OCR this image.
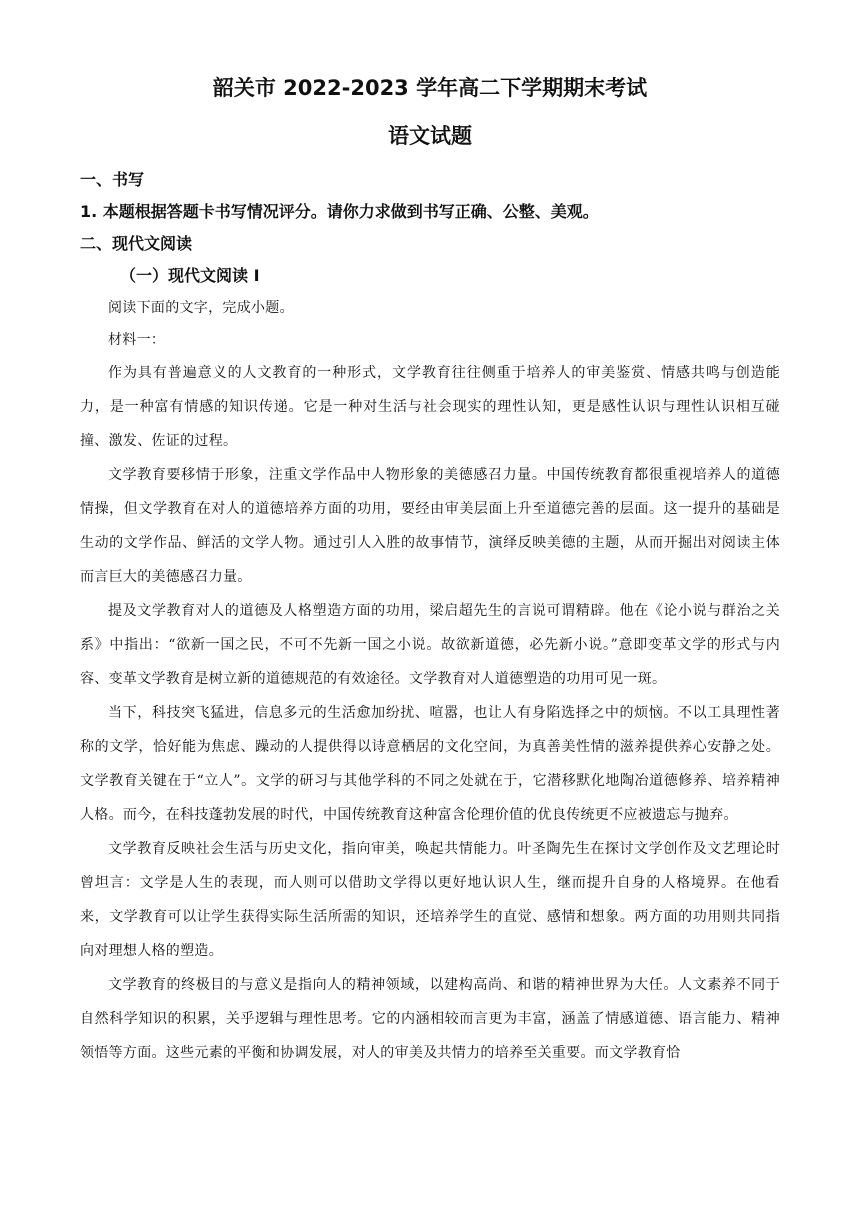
韶关市 2022-2023 学年高二下学期期末考试
语文试题
一、书写
1. 本题根据答题卡书写情况评分。请你力求做到书写正确、公整、美观。
二、现代文阅读
（一）现代文阅读 I

阅读下面的文字，完成小题。

材料一：

作为具有普遍意义的人文教育的一种形式，文学教育往往侧重于培养人的审美鉴赏、情感共鸣与创造能力，是一种富有情感的知识传递。它是一种对生活与社会现实的理性认知，更是感性认识与理性认识相互碰撞、激发、佐证的过程。

文学教育要移情于形象，注重文学作品中人物形象的美德感召力量。中国传统教育都很重视培养人的道德情操，但文学教育在对人的道德培养方面的功用，要经由审美层面上升至道德完善的层面。这一提升的基础是生动的文学作品、鲜活的文学人物。通过引人入胜的故事情节，演绎反映美德的主题，从而开掘出对阅读主体而言巨大的美德感召力量。

提及文学教育对人的道德及人格塑造方面的功用，梁启超先生的言说可谓精辟。他在《论小说与群治之关系》中指出：“欲新一国之民，不可不先新一国之小说。故欲新道德，必先新小说。”意即变革文学的形式与内容、变革文学教育是树立新的道德规范的有效途径。文学教育对人道德塑造的功用可见一斑。

当下，科技突飞猛进，信息多元的生活愈加纷扰、喧嚣，也让人有身陷选择之中的烦恼。不以工具理性著称的文学，恰好能为焦虑、躁动的人提供得以诗意栖居的文化空间，为真善美性情的滋养提供养心安静之处。文学教育关键在于“立人”。文学的研习与其他学科的不同之处就在于，它潜移默化地陶冶道德修养、培养精神人格。而今，在科技蓬勃发展的时代，中国传统教育这种富含伦理价值的优良传统更不应被遗忘与抛弃。

文学教育反映社会生活与历史文化，指向审美，唤起共情能力。叶圣陶先生在探讨文学创作及文艺理论时曾坦言：文学是人生的表现，而人则可以借助文学得以更好地认识人生，继而提升自身的人格境界。在他看来，文学教育可以让学生获得实际生活所需的知识，还培养学生的直觉、感情和想象。两方面的功用则共同指向对理想人格的塑造。

文学教育的终极目的与意义是指向人的精神领域，以建构高尚、和谐的精神世界为大任。人文素养不同于自然科学知识的积累，关乎逻辑与理性思考。它的内涵相较而言更为丰富，涵盖了情感道德、语言能力、精神领悟等方面。这些元素的平衡和协调发展，对人的审美及共情力的培养至关重要。而文学教育恰
